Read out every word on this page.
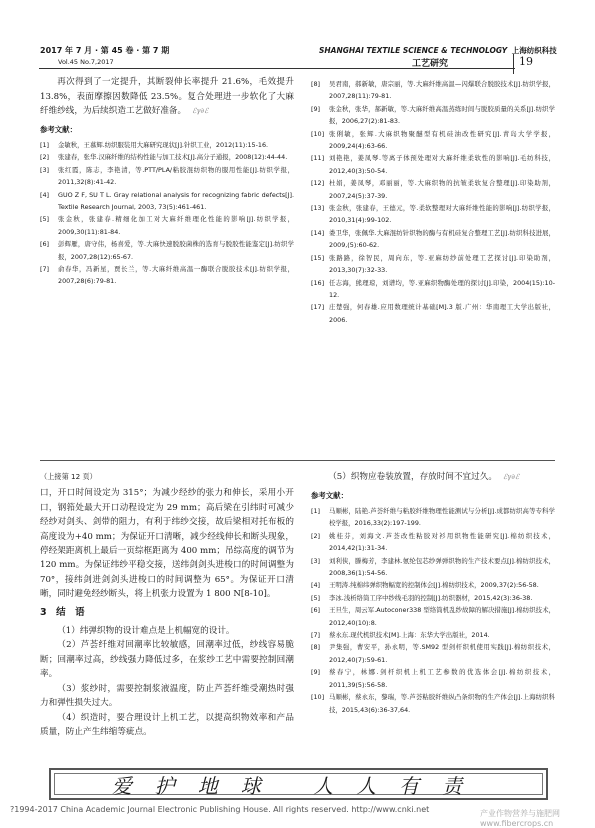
2017 年 7 月 · 第 45 卷 · 第 7 期
Vol.45 No.7,2017
SHANGHAI TEXTILE SCIENCE & TECHNOLOGY 上海纺织科技
工艺研究	19

再次得到了一定提升，其断裂伸长率提升 21.6%，毛效提升 13.8%，表面摩擦因数降低 23.5%。复合处理进一步软化了大麻纤维纱线，为后续织造工艺做好准备。 ℰγ∂ℰ

参考文献：
[1] 金敏秋，王慕辉.纺织服装用大麻研究现状[J].针织工业，2012(11):15-16.
[2] 张建春，张华.汉麻纤维的结构性能与加工技术[J].高分子通报，2008(12):44-44.
[3] 张红霞，陈志，李艳清，等.PTT/PLA/粘胶混纺织物的服用性能[J].纺织学报，2011,32(8):41-42.
[4] GUO Z F, SU T L. Gray relational analysis for recognizing fabric defects[J]. Textile Research Journal, 2003, 73(5):461-461.
[5] 张金秋，张建春.精细化加工对大麻纤维理化性能的影响[J].纺织学报，2009,30(11):81-84.
[6] 彭辉雁，唐守伟，杨喜爱，等.大麻快速脱胶菌株的选育与脱胶性能鉴定[J].纺织学报，2007,28(12):65-67.
[7] 俞春华，冯新星，贾长兰，等.大麻纤维高温一酶联合脱胶技术[J].纺织学报，2007,28(6):79-81.
[8] 吴君南，郝新敏，唐宗丽，等.大麻纤维高温—闪爆联合脱胶技术[J].纺织学报，2007,28(11):79-81.
[9] 张金秋，张华，郝新敏，等.大麻纤维高温蒸练时间与脱胶质量的关系[J].纺织学报，2006,27(2):81-83.
[10] 张俐敏，张辉.大麻织物聚醚型有机硅油改性研究[J].青岛大学学报，2009,24(4):63-66.
[11] 刘艳艳，姜凤琴.等离子体预处理对大麻纤维柔软性的影响[J].毛纺科技，2012,40(3):50-54.
[12] 杜娟，姜凤琴，邓丽丽，等.大麻织物的抗皱柔软复合整理[J].印染助剂，2007,24(5):37-39.
[13] 张金秋，张建春，王德元，等.柔软整理对大麻纤维性能的影响[J].纺织学报，2010,31(4):99-102.
[14] 娄卫华，张佩华.大麻混纺针织物的酶与有机硅复合整理工艺[J].纺织科技进展，2009,(5):60-62.
[15] 张路路，徐智民，周向东，等.亚麻纺纱前处理工艺探讨[J].印染助剂，2013,30(7):32-33.
[16] 任志海，熊理琼，刘谱均，等.亚麻织物酶处理的探讨[J].印染，2004(15):10-12.
[17] 庄楚强，何春雄.应用数理统计基础[M].3 版.广州：华南理工大学出版社，2006.
（上接第 12 页）

口，开口时间设定为 315°；为减少经纱的张力和伸长，采用小开口，钢筘处最大开口动程设定为 29 mm；高后梁在引纬时可减少经纱对剑头、剑带的阻力，有利于纬纱交接，故后梁相对托布板的高度设为+40 mm；为保证开口清晰，减少经线伸长和断头现象，停经架距离机上最后一页综框距离为 400 mm；吊综高度的调节为 120 mm。为保证纬纱平稳交接，送纬剑剑头进梭口的时间调整为 70°，接纬剑进剑剑头进梭口的时间调整为 65°。为保证开口清晰，同时避免经纱断头，将上机张力设置为 1 800 N[8-10]。

3　结　语

（1）纬弹织物的设计难点是上机幅宽的设计。

（2）芦荟纤维对回潮率比较敏感，回潮率过低，纱线容易脆断；回潮率过高，纱线强力降低过多，在浆纱工艺中需要控制回潮率。

（3）浆纱时，需要控制浆液温度，防止芦荟纤维受潮热时强力和弹性损失过大。

（4）织造时，要合理设计上机工艺，以提高织物效率和产品质量，防止产生纬缩等疵点。

（5）织物应卷装放置，存放时间不宜过久。 ℰγ∂ℰ

参考文献：
[1] 马顺彬，陆艳.芦荟纤维与粘胶纤维物理性能测试与分析[J].成都纺织高等专科学校学报，2016,33(2):197-199.
[2] 姚桂芬，刘海文.芦荟改性粘胶对衫用织物性能研究[J].棉纺织技术，2014,42(1):31-34.
[3] 刘利侠，滕梅芳，李建林.氨纶包芯纱弹弹织物的生产技术要点[J].棉纺织技术，2008,36(1):54-56.
[4] 王明涛.纯棉纬弹织物幅宽的控制体会[J].棉纺织技术，2009,37(2):56-58.
[5] 李冰.浅析络筒工序中纱线毛羽的控制[J].纺织器材，2015,42(3):36-38.
[6] 王旦生，周云军.Autoconer338 型络筒机乱纱故障的解决措施[J].棉纺织技术，2012,40(10):8.
[7] 蔡永东.现代机织技术[M].上海：东华大学出版社，2014.
[8] 尹集强，曹安平，孙永明，等.SM92 型剑杆织机使用实践[J].棉纺织技术，2012,40(7):59-61.
[9] 蔡春宁，林娜.剑杆织机上机工艺参数的优选体会[J].棉纺织技术，2011,39(5):56-58.
[10] 马顺彬，蔡永东，黎瑞，等.芦荟粘胶纤维纵凸条织物的生产体会[J].上海纺织科技，2015,43(6):36-37,64.
爱护地球 人人有责
?1994-2017 China Academic Journal Electronic Publishing House. All rights reserved. http://www.cnki.net	产业作物营养与施肥网 www.fibercrops.cn
